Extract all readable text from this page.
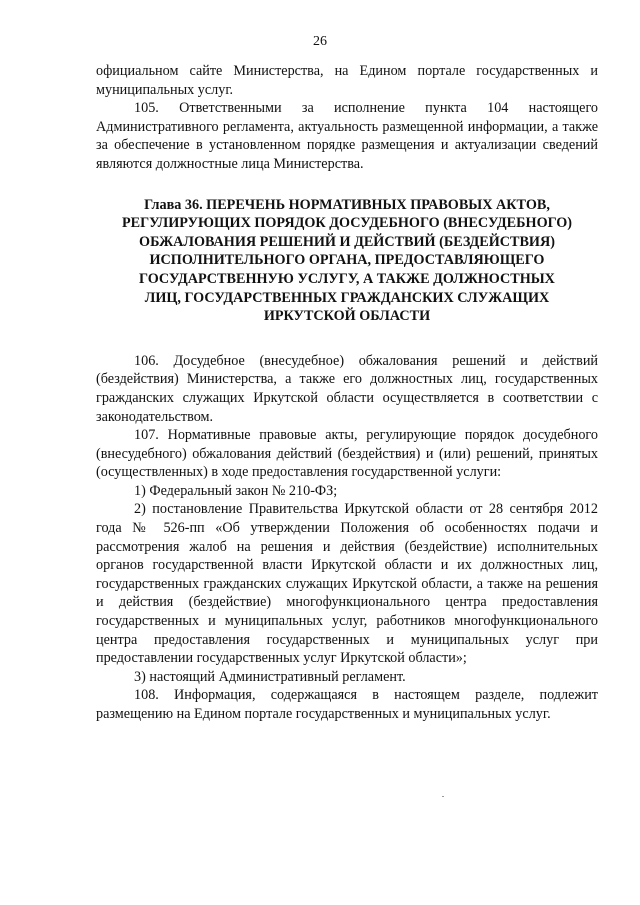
26

официальном сайте Министерства, на Едином портале государственных и муниципальных услуг.

105. Ответственными за исполнение пункта 104 настоящего Административного регламента, актуальность размещенной информации, а также за обеспечение в установленном порядке размещения и актуализации сведений являются должностные лица Министерства.

Глава 36. ПЕРЕЧЕНЬ НОРМАТИВНЫХ ПРАВОВЫХ АКТОВ,
РЕГУЛИРУЮЩИХ ПОРЯДОК ДОСУДЕБНОГО (ВНЕСУДЕБНОГО)
ОБЖАЛОВАНИЯ РЕШЕНИЙ И ДЕЙСТВИЙ (БЕЗДЕЙСТВИЯ)
ИСПОЛНИТЕЛЬНОГО ОРГАНА, ПРЕДОСТАВЛЯЮЩЕГО
ГОСУДАРСТВЕННУЮ УСЛУГУ, А ТАКЖЕ ДОЛЖНОСТНЫХ
ЛИЦ, ГОСУДАРСТВЕННЫХ ГРАЖДАНСКИХ СЛУЖАЩИХ
ИРКУТСКОЙ ОБЛАСТИ

106. Досудебное (внесудебное) обжалования решений и действий (бездействия) Министерства, а также его должностных лиц, государственных гражданских служащих Иркутской области осуществляется в соответствии с законодательством.

107. Нормативные правовые акты, регулирующие порядок досудебного (внесудебного) обжалования действий (бездействия) и (или) решений, принятых (осуществленных) в ходе предоставления государственной услуги:

1) Федеральный закон № 210-ФЗ;

2) постановление Правительства Иркутской области от 28 сентября 2012 года № 526-пп «Об утверждении Положения об особенностях подачи и рассмотрения жалоб на решения и действия (бездействие) исполнительных органов государственной власти Иркутской области и их должностных лиц, государственных гражданских служащих Иркутской области, а также на решения и действия (бездействие) многофункционального центра предоставления государственных и муниципальных услуг, работников многофункционального центра предоставления государственных и муниципальных услуг при предоставлении государственных услуг Иркутской области»;

3) настоящий Административный регламент.

108. Информация, содержащаяся в настоящем разделе, подлежит размещению на Едином портале государственных и муниципальных услуг.
